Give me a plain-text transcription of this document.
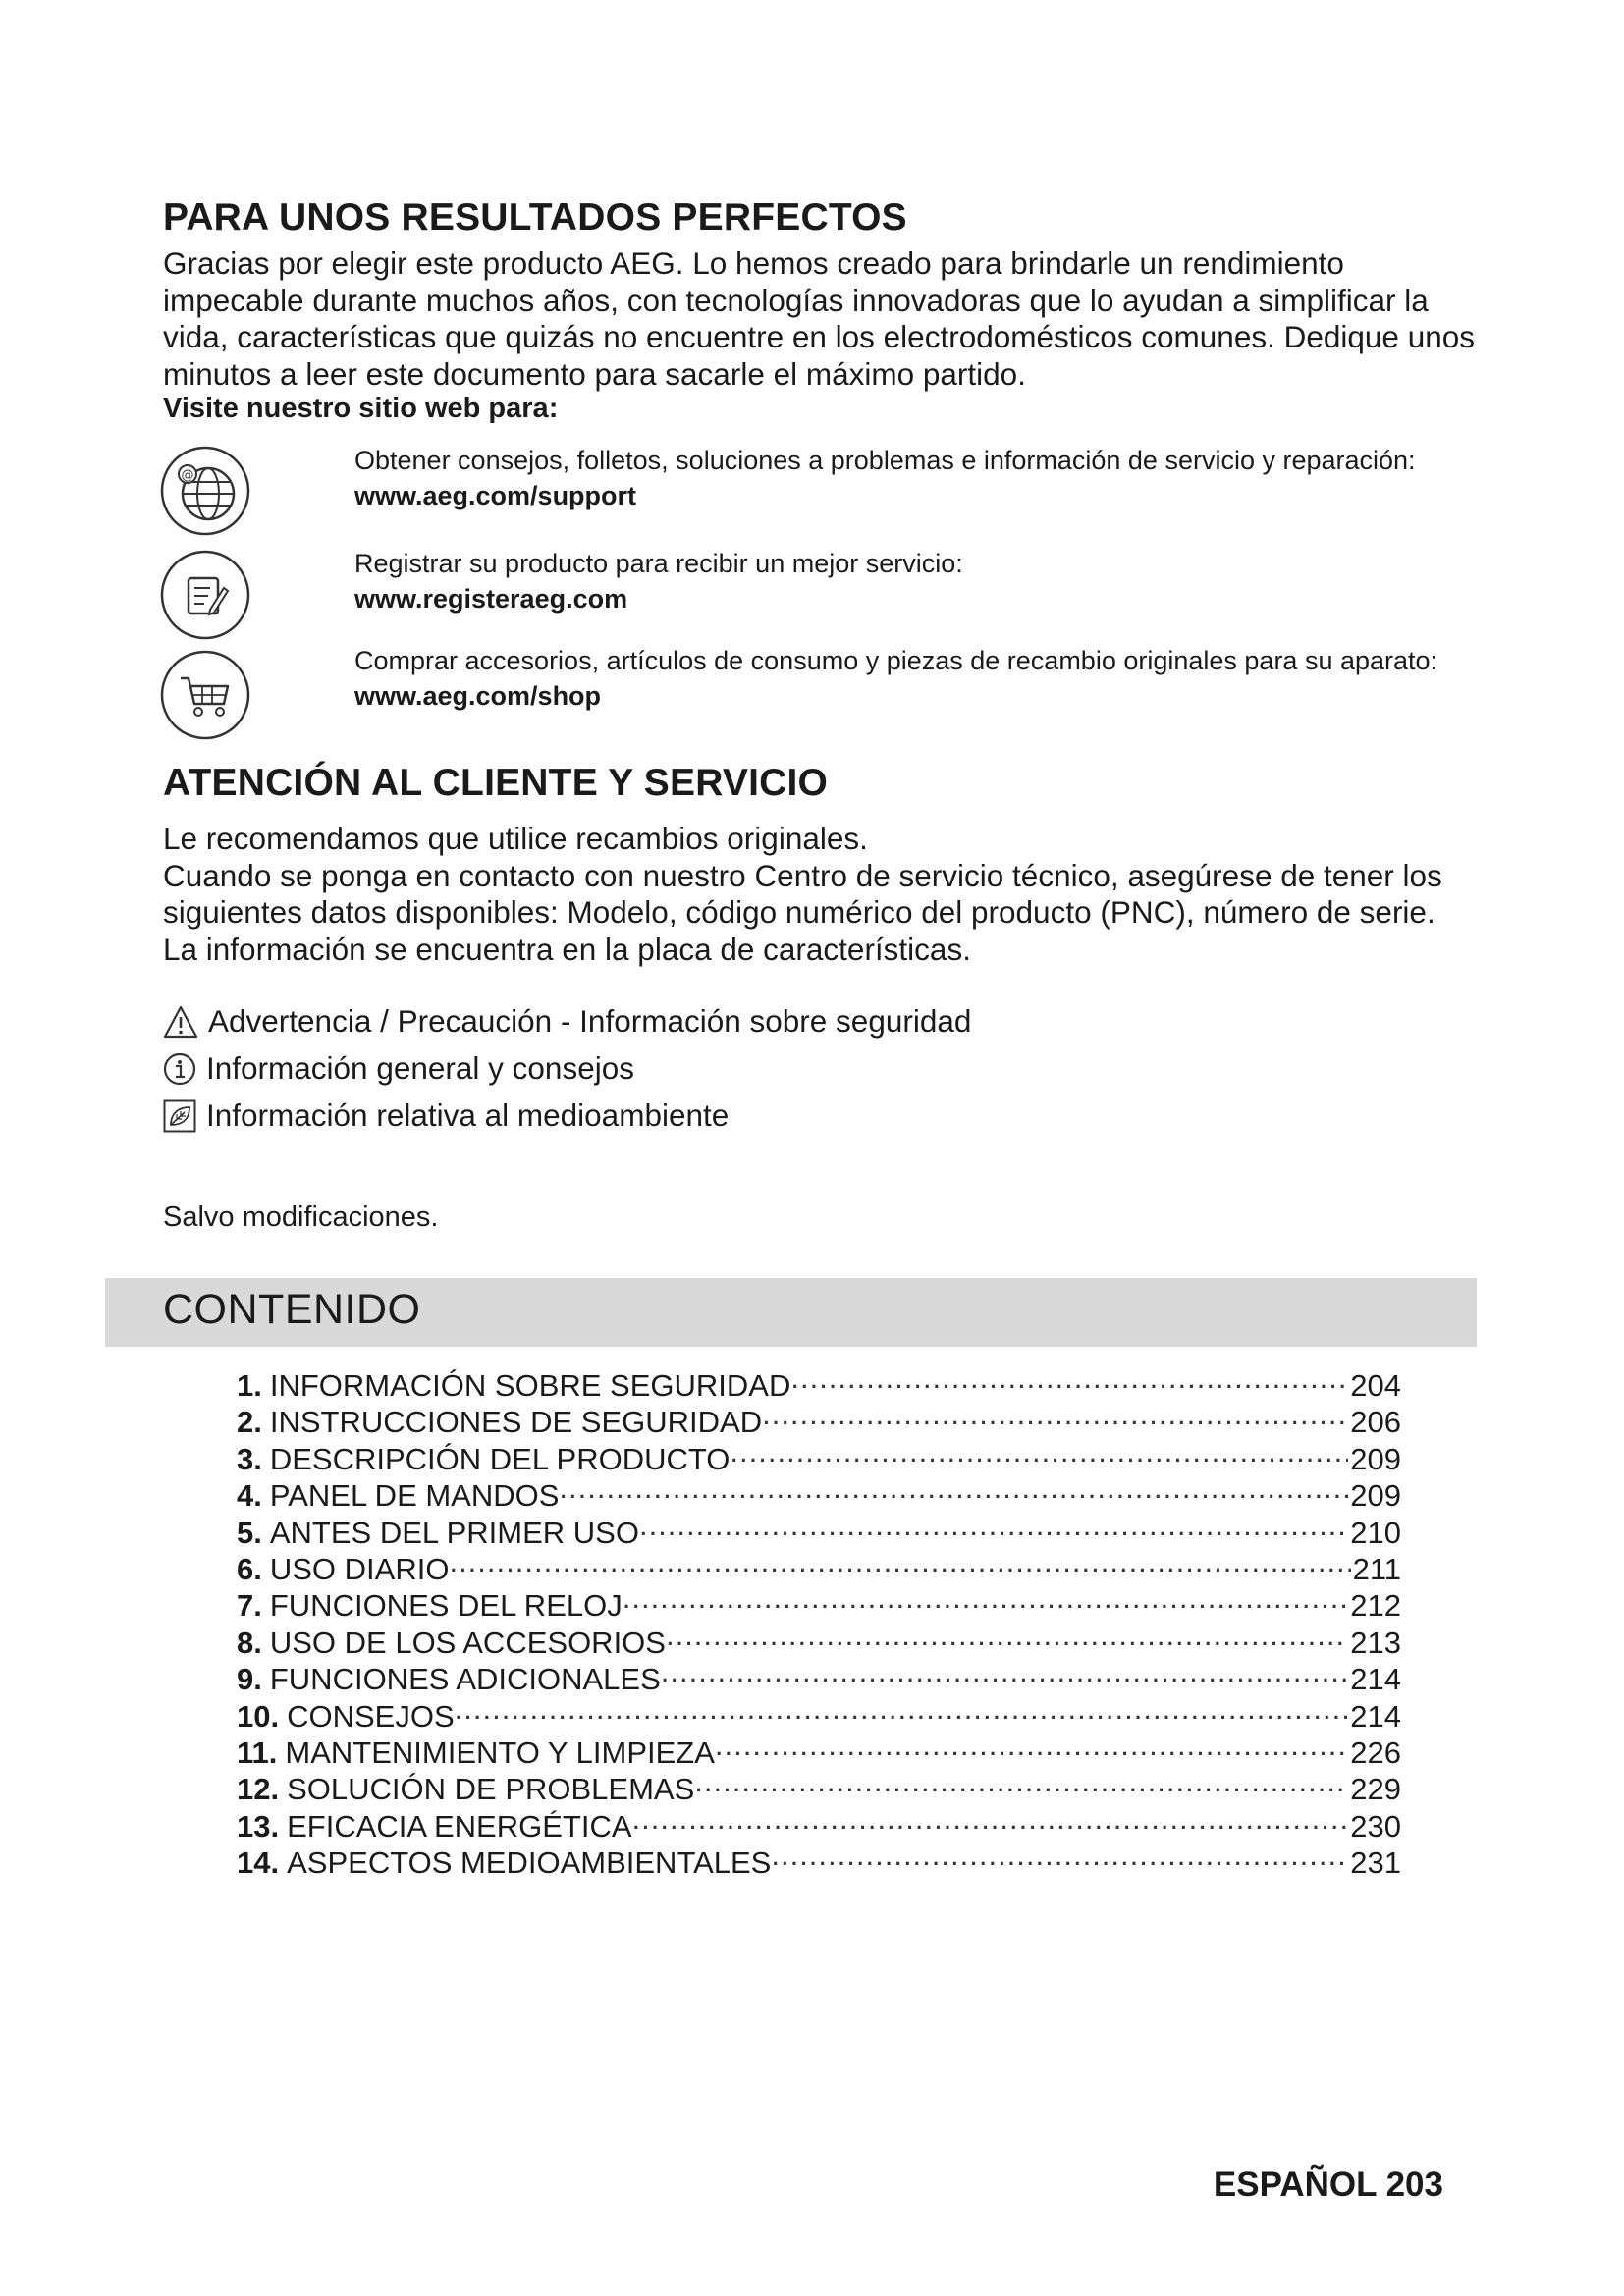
PARA UNOS RESULTADOS PERFECTOS

Gracias por elegir este producto AEG. Lo hemos creado para brindarle un rendimiento impecable durante muchos años, con tecnologías innovadoras que lo ayudan a simplificar la vida, características que quizás no encuentre en los electrodomésticos comunes. Dedique unos minutos a leer este documento para sacarle el máximo partido.

Visite nuestro sitio web para:

@
Obtener consejos, folletos, soluciones a problemas e información de servicio y reparación:
www.aeg.com/support
Registrar su producto para recibir un mejor servicio:
www.registeraeg.com
Comprar accesorios, artículos de consumo y piezas de recambio originales para su aparato:
www.aeg.com/shop
ATENCIÓN AL CLIENTE Y SERVICIO

Le recomendamos que utilice recambios originales.

Cuando se ponga en contacto con nuestro Centro de servicio técnico, asegúrese de tener los siguientes datos disponibles: Modelo, código numérico del producto (PNC), número de serie.

La información se encuentra en la placa de características.

Advertencia / Precaución - Información sobre seguridad
Información general y consejos
Información relativa al medioambiente
Salvo modificaciones.
CONTENIDO
1. INFORMACIÓN SOBRE SEGURIDAD .....	204
2. INSTRUCCIONES DE SEGURIDAD .....	206
3. DESCRIPCIÓN DEL PRODUCTO .....	209
4. PANEL DE MANDOS .....	209
5. ANTES DEL PRIMER USO .....	210
6. USO DIARIO .....	211
7. FUNCIONES DEL RELOJ .....	212
8. USO DE LOS ACCESORIOS .....	213
9. FUNCIONES ADICIONALES .....	214
10. CONSEJOS .....	214
11. MANTENIMIENTO Y LIMPIEZA .....	226
12. SOLUCIÓN DE PROBLEMAS .....	229
13. EFICACIA ENERGÉTICA .....	230
14. ASPECTOS MEDIOAMBIENTALES .....	231
ESPAÑOL 203
